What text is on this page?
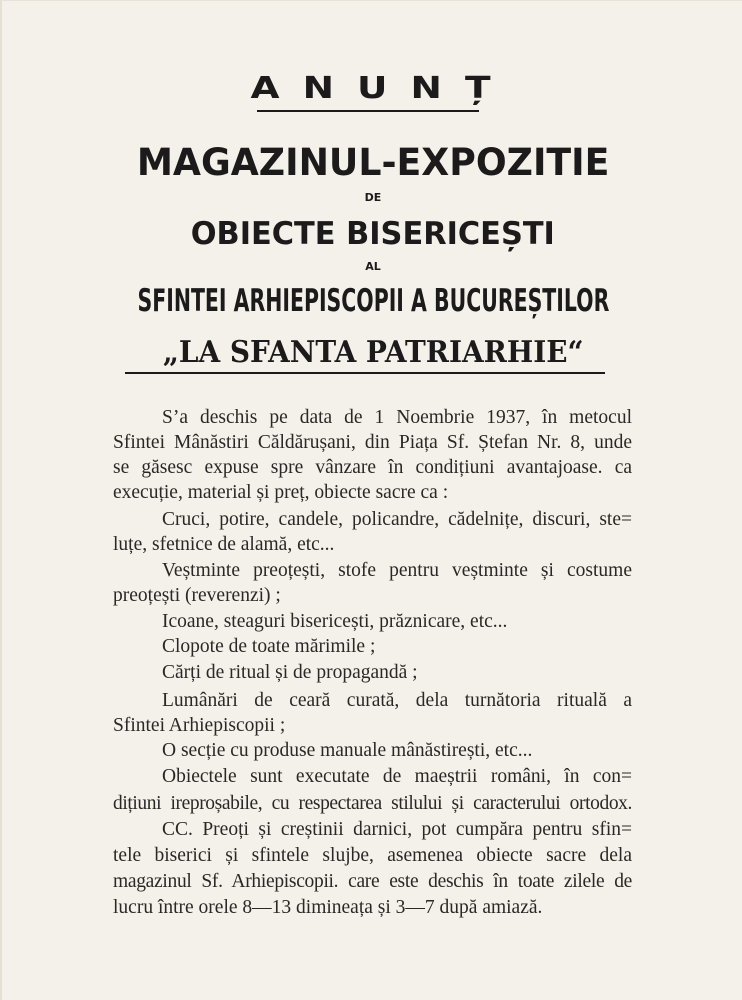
A N U N Ț
MAGAZINUL-EXPOZITIE
DE
OBIECTE BISERICEȘTI
AL
SFINTEI ARHIEPISCOPII A BUCUREȘTILOR
„LA SFANTA PATRIARHIE“
S’a deschis pe data de 1 Noembrie 1937, în metocul
Sfintei Mânăstiri Căldărușani, din Piața Sf. Ștefan Nr. 8, unde
se găsesc expuse spre vânzare în condițiuni avantajoase. ca
execuție, material și preț, obiecte sacre ca :
Cruci, potire, candele, policandre, cădelnițe, discuri, ste=
luțe, sfetnice de alamă, etc...
Veștminte preoțești, stofe pentru veștminte și costume
preoțești (reverenzi) ;
Icoane, steaguri bisericești, prăznicare, etc...
Clopote de toate mărimile ;
Cărți de ritual și de propagandă ;
Lumânări de ceară curată, dela turnătoria rituală a
Sfintei Arhiepiscopii ;
O secție cu produse manuale mânăstirești, etc...
Obiectele sunt executate de maeștrii români, în con=
dițiuni ireproșabile, cu respectarea stilului și caracterului ortodox.
CC. Preoți și creștinii darnici, pot cumpăra pentru sfin=
tele biserici și sfintele slujbe, asemenea obiecte sacre dela
magazinul Sf. Arhiepiscopii. care este deschis în toate zilele de
lucru între orele 8—13 dimineața și 3—7 după amiază.
